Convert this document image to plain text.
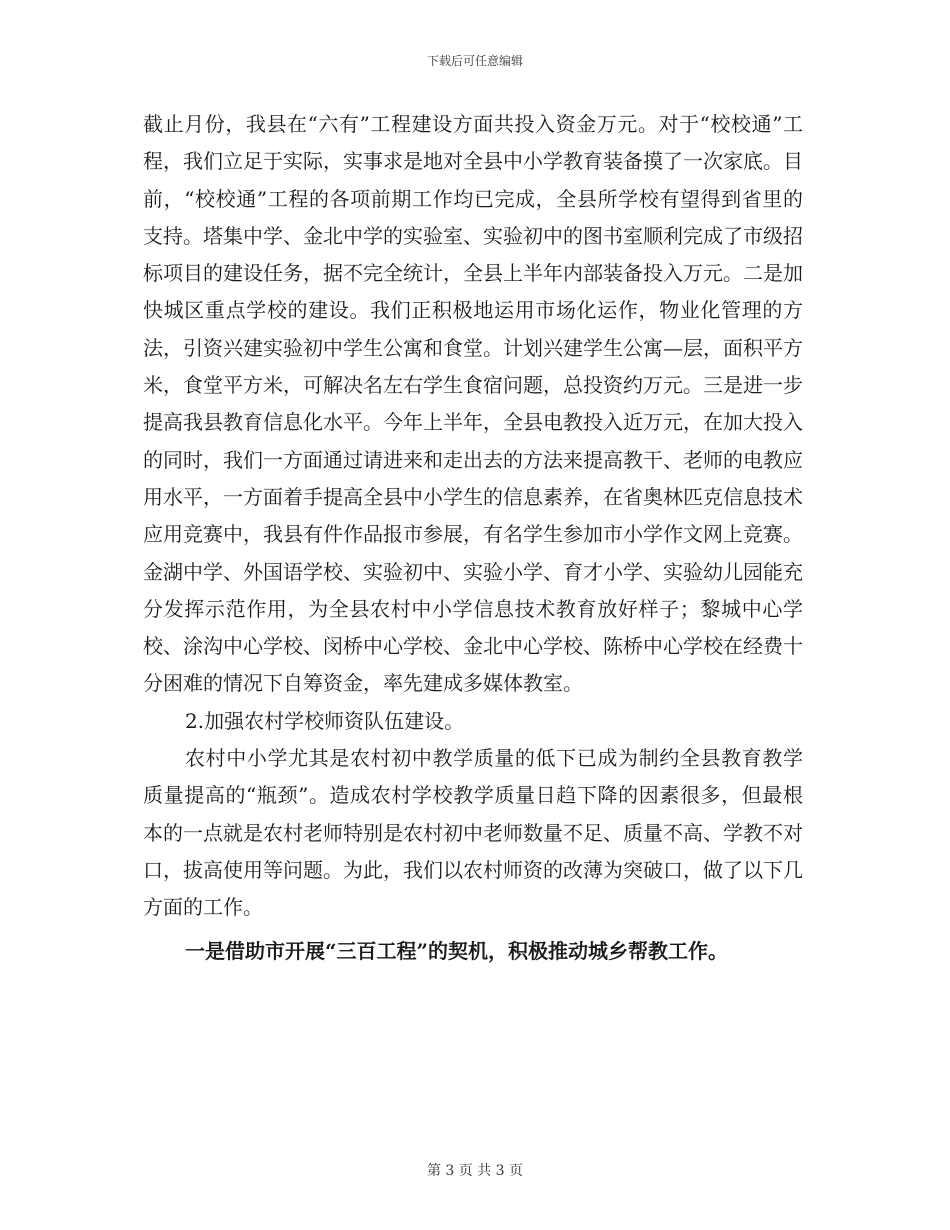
下载后可任意编辑

截止月份，我县在“六有”工程建设方面共投入资金万元。对于“校校通”工程，我们立足于实际，实事求是地对全县中小学教育装备摸了一次家底。目前，“校校通”工程的各项前期工作均已完成，全县所学校有望得到省里的支持。塔集中学、金北中学的实验室、实验初中的图书室顺利完成了市级招标项目的建设任务，据不完全统计，全县上半年内部装备投入万元。二是加快城区重点学校的建设。我们正积极地运用市场化运作，物业化管理的方法，引资兴建实验初中学生公寓和食堂。计划兴建学生公寓—层，面积平方米，食堂平方米，可解决名左右学生食宿问题，总投资约万元。三是进一步提高我县教育信息化水平。今年上半年，全县电教投入近万元，在加大投入的同时，我们一方面通过请进来和走出去的方法来提高教干、老师的电教应用水平，一方面着手提高全县中小学生的信息素养，在省奥林匹克信息技术应用竞赛中，我县有件作品报市参展，有名学生参加市小学作文网上竞赛。金湖中学、外国语学校、实验初中、实验小学、育才小学、实验幼儿园能充分发挥示范作用，为全县农村中小学信息技术教育放好样子；黎城中心学校、涂沟中心学校、闵桥中心学校、金北中心学校、陈桥中心学校在经费十分困难的情况下自筹资金，率先建成多媒体教室。

2.加强农村学校师资队伍建设。

农村中小学尤其是农村初中教学质量的低下已成为制约全县教育教学质量提高的“瓶颈”。造成农村学校教学质量日趋下降的因素很多，但最根本的一点就是农村老师特别是农村初中老师数量不足、质量不高、学教不对口，拔高使用等问题。为此，我们以农村师资的改薄为突破口，做了以下几方面的工作。

一是借助市开展“三百工程”的契机，积极推动城乡帮教工作。

第 3 页 共 3 页
